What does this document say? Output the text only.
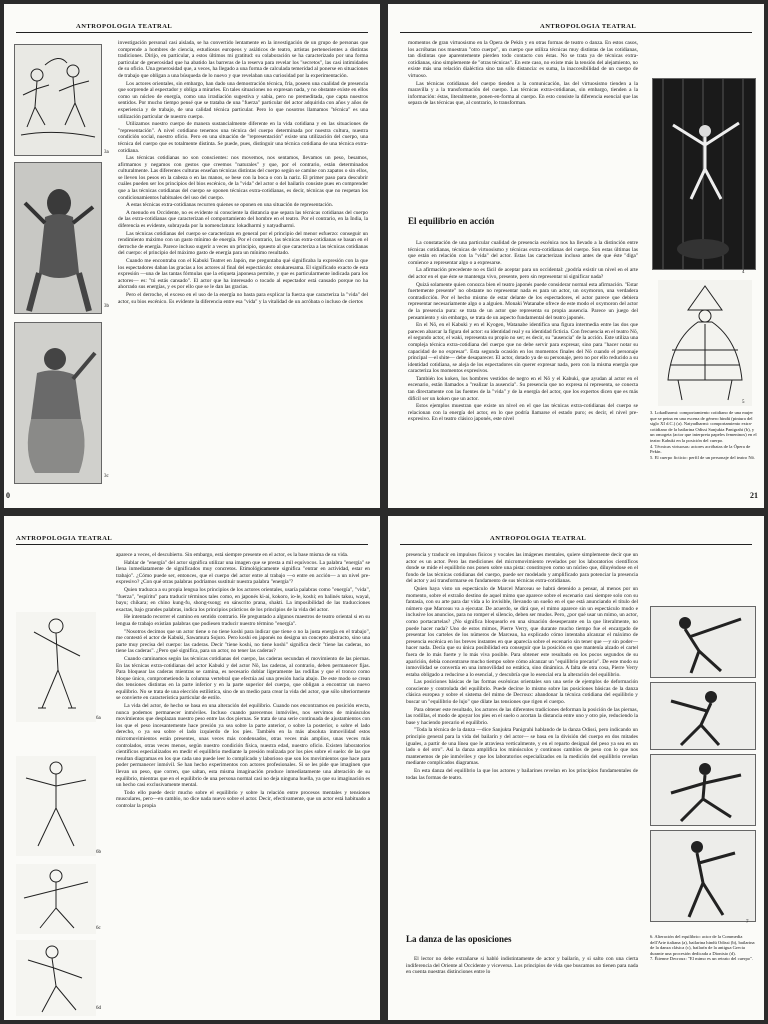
ANTROPOLOGIA TEATRAL
3a
3b
3c

investigación personal casi aislada, se ha convertido lentamente en la investigación de un grupo de personas que comprende a hombres de ciencia, estudiosos europeos y asiáticos de teatro, artistas pertenecientes a distintas tradiciones. Dirijo, en particular, a estos últimos mi gratitud: su colaboración se ha caracterizado por una forma particular de generosidad que ha abatido las barreras de la reserva para revelar los "secretos", las casi intimidades de su oficio. Una generosidad que, a veces, ha llegado a una forma de calculada temeridad al ponerse en situaciones de trabajo que obligan a una búsqueda de lo nuevo y que revelaban una curiosidad por la experimentación.

Los actores orientales, sin embargo, han dado una demostración técnica, fría, poseen una cualidad de presencia que sorprende al espectador y obliga a mirarles. En tales situaciones no expresan nada, y no obstante existe en ellos como un núcleo de energía, como una irradiación sugestiva y sabia, pero no premeditada, que capta nuestros sentidos. Por mucho tiempo pensé que se trataba de una "fuerza" particular del actor adquirida con años y años de experiencia y de trabajo, de una calidad técnica particular. Pero lo que nosotros llamamos "técnica" es una utilización particular de nuestro cuerpo.

Utilizamos nuestro cuerpo de manera sustancialmente diferente en la vida cotidiana y en las situaciones de "representación". A nivel cotidiano tenemos una técnica del cuerpo determinada por nuestra cultura, nuestra condición social, nuestro oficio. Pero en una situación de "representación" existe una utilización del cuerpo, una técnica del cuerpo que es totalmente distinta. Se puede, pues, distinguir una técnica cotidiana de una técnica extra-cotidiana.

Las técnicas cotidianas no son conscientes: nos movemos, nos sentamos, llevamos un peso, besamos, afirmamos y negamos con gestos que creemos "naturales" y que, por el contrario, están determinados culturalmente. Las diferentes culturas enseñan técnicas distintas del cuerpo según se camine con zapatos o sin ellos, se lleven los pesos en la cabeza o en las manos, se bese con la boca o con la nariz. El primer paso para descubrir cuáles pueden ser los principios del bios escénico, de la "vida" del actor o del bailarín consiste pues en comprender que a las técnicas cotidianas del cuerpo se oponen técnicas extra-cotidianas, es decir, técnicas que no respetan los condicionamientos habituales del uso del cuerpo.

A estas técnicas extra-cotidianas recurren quienes se oponen en una situación de representación.

A menudo en Occidente, no es evidente ni consciente la distancia que separa las técnicas cotidianas del cuerpo de las extra-cotidianas que caracterizan el comportamiento del hombre en el teatro. Por el contrario, en la India, la diferencia es evidente, subrayada por la nomenclatura: lokadharmi y natyadharmi.

Las técnicas cotidianas del cuerpo se caracterizan en general por el principio del menor esfuerzo: conseguir un rendimiento máximo con un gasto mínimo de energía. Por el contrario, las técnicas extra-cotidianas se basan en el derroche de energía. Parece incluso sugerir a veces un principio, opuesto al que caracteriza a las técnicas cotidianas del cuerpo: el principio del máximo gasto de energía para un mínimo resultado.

Cuando me encontraba con el Kabuki Teatret en Japón, me preguntaba qué significaba la expresión con la que los espectadores daban las gracias a los actores al final del espectáculo: otsukaresama. El significado exacto de esta expresión —una de las tantas fórmulas que la etiqueta japonesa permite, y que es particularmente indicada para los actores— es: "tú estás cansado". El actor que ha interesado o tocado al espectador está cansado porque no ha ahorrado sus energías, y es por ello que se le dan las gracias.

Pero el derroche, el exceso en el uso de la energía no basta para explicar la fuerza que caracteriza la "vida" del actor, su bios escénico. Es evidente la diferencia entre esa "vida" y la vitalidad de un acróbata o incluso de ciertos

0
ANTROPOLOGIA TEATRAL

momentos de gran virtuosismo en la Ópera de Pekín y en otras formas de teatro o danza. En estos casos, los acróbatas nos muestran "otro cuerpo", un cuerpo que utiliza técnicas muy distintas de las cotidianas, tan distintas que aparentemente pierden todo contacto con éstas. No se trata ya de técnicas extra-cotidianas, sino simplemente de "otras técnicas". En este caso, no existe más la tensión del alejamiento, no existe más una relación dialéctica sino tan sólo distancia: es suma, la inaccesibilidad de un cuerpo de virtuoso.

Las técnicas cotidianas del cuerpo tienden a la comunicación, las del virtuosismo tienden a la maravilla y a la transformación del cuerpo. Las técnicas extra-cotidianas, sin embargo, tienden a la información: éstas, literalmente, ponen-en-forma al cuerpo. En esto consiste la diferencia esencial que las separa de las técnicas que, al contrario, lo transforman.

El equilibrio en acción

La constatación de una particular cualidad de presencia escénica nos ha llevado a la distinción entre técnicas cotidianas, técnicas de virtuosismo y técnicas extra-cotidianas del cuerpo. Son estas últimas las que están en relación con la "vida" del actor. Estas las caracterizan incluso antes de que éste "diga" comience a representar algo o a expresarse.

La afirmación precedente no es fácil de aceptar para un occidental: ¿podría existir un nivel en el arte del actor en el que éste se mantenga vivo, presente, pero sin representar ni significar nada?

Quizá solamente quien conozca bien el teatro japonés puede considerar normal esta afirmación. "Estar fuertemente presente" no obstante no representar nada es para un actor, un oxymoron, una verdadera contradicción. Por el hecho mismo de estar delante de los espectadores, el actor parece que debiera representar necesariamente algo o a alguien. Monaki Watanabe ofrece de este modo el oxymoron del actor de la presencia pura: se trata de un actor que representa su propia ausencia. Parece un juego del pensamiento y sin embargo, se trata de un aspecto fundamental del teatro japonés.

En el Nō, en el Kabuki y en el Kyogen, Watanabe identifica una figura intermedia entre las dos que parecen abarcar la figura del actor: su identidad real y su identidad ficticia. Con frecuencia en el teatro Nō, el segundo actor, el waki, representa su propio no ser; es decir, su "ausencia" de la acción. Este utiliza una compleja técnica extra-cotidiana del cuerpo que no debe servir para expresar, sino para "hacer notar su capacidad de no expresar". Esta segunda ocasión en los momentos finales del Nō cuando el personaje principal —el shite— debe desaparecer. El actor, dotado ya de su personaje, pero no por ello reducido a su identidad cotidiana, se aleja de los espectadores sin querer expresar nada, pero con la misma energía que caracteriza los momentos expresivos.

También los koken, los hombres vestidos de negro en el Nō y el Kabuki, que ayudan al actor en el escenario, están llamados a "realizar la ausencia". Su presencia que no expresa ni representa, se conecta tan directamente con las fuentes de la "vida" y de la energía del actor, que los expertos dicen que es más difícil ser un koken que un actor.

Estos ejemplos muestran que existe un nivel en el que las técnicas extra-cotidianas del cuerpo se relacionan con la energía del actor, en lo que podría llamarse el estado puro; es decir, el nivel pre-expresivo. En el teatro clásico japonés, este nivel

4
5
3. Lokadharmi: comportamiento cotidiano de una mujer que se peina en una escena de género hindú (pintura del siglo XI d.C.) (a). Natyadharmi: comportamiento extra-cotidiano de la bailarina Odissi Sanjukta Panigrahi (b), y un omogeta (actor que interpreta papeles femeninos) en el teatro Kabuki en la posición del cuerpo.
4. Técnicas virtuosas: actores acróbatas de la Ópera de Pekín.
5. El cuerpo ficticio: perfil de un personaje del teatro Nō.
21
ANTROPOLOGIA TEATRAL
6a
6b
6c
6d

aparece a veces, el descubierto. Sin embargo, está siempre presente en el actor, es la base misma de su vida.

Hablar de "energía" del actor significa utilizar una imagen que se presta a mil equívocos. La palabra "energía" se llena inmediatamente de significados muy concretos. Etimológicamente significa "entrar en actividad, estar en trabajo". ¿Cómo puede ser, entonces, que el cuerpo del actor entre al trabajo —o entre en acción— a un nivel pre-expresivo? ¿Con qué otras palabras podríamos sustituir nuestra palabra "energía"?

Quien traduzca a su propia lengua los principios de los actores orientales, usaría palabras como "energía", "vida", "fuerza", "espíritu" para traducir términos tales como, en japonés ki-ai, kokoro, io-le, koshi; en balinés taksu, wayal, bayu; chikara; en chino kung-fu, shong-tsong; en sánscrito prana, shakti. La imposibilidad de las traducciones exactas, bajo grandes palabras, indica los principios prácticos de los principios de la vida del actor.

He intentado recorrer el camino en sentido contrario. He preguntado a algunos maestros de teatro oriental si en su lengua de trabajo existían palabras que pudiesen traducir nuestro término "energía".

"Nosotros decimos que un actor tiene o no tiene koshi para indicar que tiene o no la justa energía en el trabajo", me contestó el actor de Kabuki, Sawamura Sojuro. Pero koshi en japonés no designa un concepto abstracto, sino una parte muy precisa del cuerpo: las caderas. Decir "tiene koshi, no tiene koshi" significa decir "tiene las caderas, no tiene las caderas". ¿Pero qué significa, para un actor, no tener las caderas?

Cuando caminamos según las técnicas cotidianas del cuerpo, las caderas secundan el movimiento de las piernas. En las técnicas extra-cotidianas del actor Kabuki y del actor Nō, las caderas, al contrario, deben permanecer fijas. Para bloquear las caderas mientras se camina, es necesario doblar ligeramente las rodillas y que el tronco como bloque único, comprometiendo la columna vertebral que efectúa así una presión hacia abajo. De este modo se crean dos tensiones distintas en la parte inferior y en la parte superior del cuerpo, que obligan a encontrar un nuevo equilibrio. No se trata de una elección estilística, sino de un medio para crear la vida del actor, que sólo ulteriormente se convierte en característica particular de estilo.

La vida del actor, de hecho se basa en una alteración del equilibrio. Cuando nos encontramos en posición erecta, nunca podemos permanecer inmóviles. Incluso cuando parecemos inmóviles, nos servimos de minúsculos movimientos que desplazan nuestro peso entre las dos piernas. Se trata de una serie continuada de ajustamientos con los que el peso incesantemente hace presión ya sea sobre la parte anterior, o sobre la posterior, o sobre el lado derecho, o ya sea sobre el lado izquierdo de los pies. También en la más absoluta inmovilidad estos micromovimientos están presentes, unas veces más condensados, otras veces más amplios, unas veces más controlados, otras veces menos, según nuestro condición física, nuestra edad, nuestro oficio. Existen laboratorios científicos especializados en medir el equilibrio mediante la presión realizada por los pies sobre el suelo: de las que resultan diagramas en los que cada uno puede leer lo complicado y laborioso que son los movimientos que hace para poder permanecer inmóvil. Se han hecho experimentos con actores profesionales. Si se les pide que imaginen que llevan un peso, que corren, que saltan, esta misma imaginación produce inmediatamente una alteración de su equilibrio, mientras que en el equilibrio de una persona normal casi no deja ninguna huella, ya que su imaginación es un hecho casi exclusivamente mental.

Todo ello puede decir mucho sobre el equilibrio y sobre la relación entre procesos mentales y tensiones musculares, pero—en cambio, no dice nada nuevo sobre el actor. Decir, efectivamente, que un actor está habituado a controlar la propia

ANTROPOLOGIA TEATRAL

presencia y traducir en impulsos físicos y vocales las imágenes mentales, quiere simplemente decir que un actor es un actor. Pero las mediciones del micromovimiento revelados por los laboratorios científicos donde se mide el equilibrio nos ponen sobre una pista: constituyen como un núcleo que, diluyéndose en el fondo de las técnicas cotidianas del cuerpo, puede ser modelado y amplificado para potenciar la presencia del actor y así transformarse en fundamento de sus técnicas extra-cotidianas.

Quien haya visto un espectáculo de Marcel Marceau se habrá detenido a pensar, al menos por un momento, sobre el extraño destino de aquel mimo que aparece sobre el escenario casi siempre solo con su fantasía, con su arte para dar vida a lo invisible, llevando un sueño en el que está anunciando el título del número que Marceau va a ejecutar. De acuerdo, se dirá que, el mimo aparece sin un espectáculo mudo e inclusive los anuncios, para no romper el silencio, deben ser mudos. Pero, ¿por qué usar un mimo, un actor, como portacartelas? ¿No significa bloquearlo en una situación desesperante en la que literalmente, no puede hacer nada? Uno de estos mimos, Pierre Verry, que durante mucho tiempo fue el encargado de presentar los carteles de los números de Marceau, ha explicado cómo intentaba alcanzar el máximo de presencia escénica en los breves instantes en que aparecía sobre el escenario sin tener que —y sin poder— hacer nada. Decía que su única posibilidad era conseguir que la posición en que mantenía alzado el cartel fuera de lo más fuerte y lo más viva posible. Para obtener este resultado en los pocos segundos de su aparición, debía concentrarse mucho tiempo sobre cómo alcanzar un "equilibrio precario". De este modo su inmovilidad se convertía en una inmovilidad no estática, sino dinámica. A falta de otra cosa, Pierre Verry estaba obligado a reducirse a lo esencial, y descubría que lo esencial era la alteración del equilibrio.

Las posiciones básicas de las formas escénicas orientales son una serie de ejemplos de deformación consciente y controlada del equilibrio. Puede decirse lo mismo sobre las posiciones básicas de la danza clásica europea y sobre el sistema del mimo de Decroux: abandonar la técnica cotidiana del equilibrio y buscar un "equilibrio de lujo" que dilate las tensiones que rigen el cuerpo.

Para obtener este resultado, los actores de las diferentes tradiciones deforman la posición de las piernas, las rodillas, el modo de apoyar los pies en el suelo o acortan la distancia entre uno y otro pie, reduciendo la base y haciendo precario el equilibrio.

"Toda la técnica de la danza —dice Sanjukta Panigrahi hablando de la danza Odissi, pero indicando un principio general para la vida del bailarín y del actor— se basa en la división del cuerpo en dos mitades iguales, a partir de una línea que le atraviesa verticalmente, y en el reparto desigual del peso ya sea en un lado o del otro". Así la danza amplifica los minúsculos y continuos cambios de peso con lo que nos mantenemos de pie inmóviles y que los laboratorios especializados en la medición del equilibrio revelan mediante complicados diagramas.

En esta danza del equilibrio la que los actores y bailarines revelan en los principios fundamentales de todas las formas de teatro.

La danza de las oposiciones

El lector no debe extrañarse si habló indistintamente de actor y bailarín, y si salto con una cierta indiferencia del Oriente al Occidente y viceversa. Los principios de vida que buscamos no tienen para nada en cuenta nuestras distinciones entre lo

7
6. Alteración del equilibrio: actor de la Commedia dell'Arte italiana (a), bailarina hindú Odissi (b), bailarina de la danza clásica (c), bailarín de la antigua Grecia durante una procesión dedicada a Dionisio (d).
7. Étienne Decroux: "El mimo es un retrato del cuerpo".
